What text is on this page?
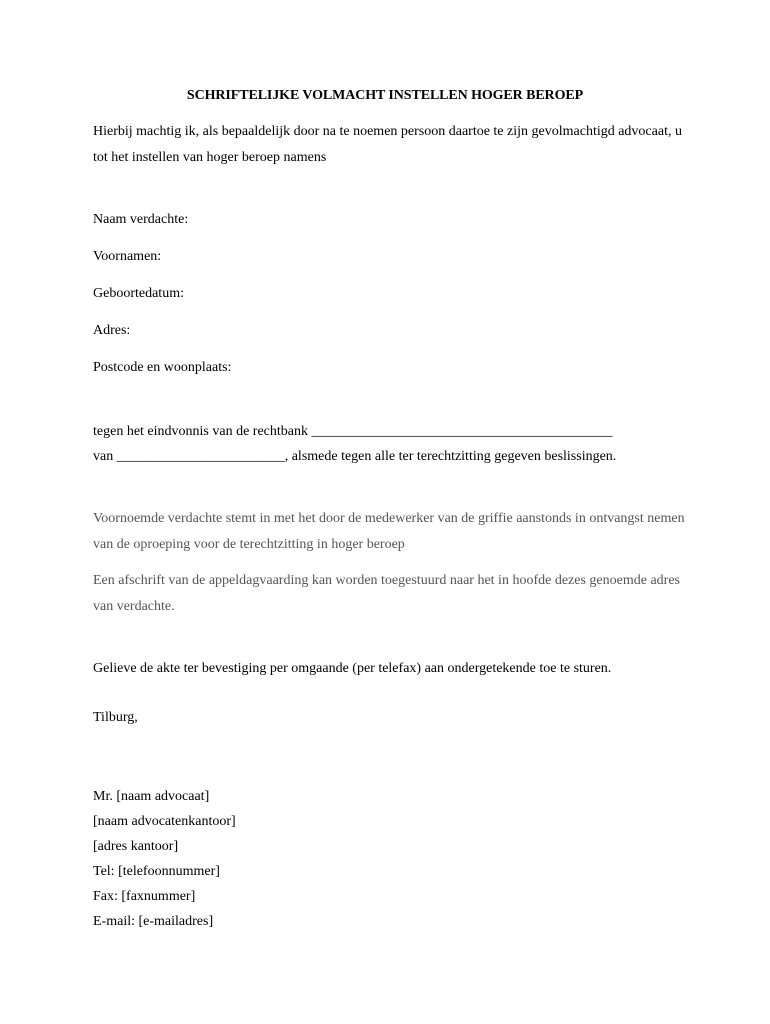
SCHRIFTELIJKE VOLMACHT INSTELLEN HOGER BEROEP
Hierbij machtig ik, als bepaaldelijk door na te noemen persoon daartoe te zijn gevolmachtigd advocaat, u tot het instellen van hoger beroep namens
Naam verdachte:
Voornamen:
Geboortedatum:
Adres:
Postcode en woonplaats:
tegen het eindvonnis van de rechtbank ___________________________________________
van ________________________, alsmede tegen alle ter terechtzitting gegeven beslissingen.
Voornoemde verdachte stemt in met het door de medewerker van de griffie aanstonds in ontvangst nemen van de oproeping voor de terechtzitting in hoger beroep
Een afschrift van de appeldagvaarding kan worden toegestuurd naar het in hoofde dezes genoemde adres van verdachte.
Gelieve de akte ter bevestiging per omgaande (per telefax) aan ondergetekende toe te sturen.
Tilburg,
Mr. [naam advocaat]
[naam advocatenkantoor]
[adres kantoor]
Tel: [telefoonnummer]
Fax: [faxnummer]
E-mail: [e-mailadres]
